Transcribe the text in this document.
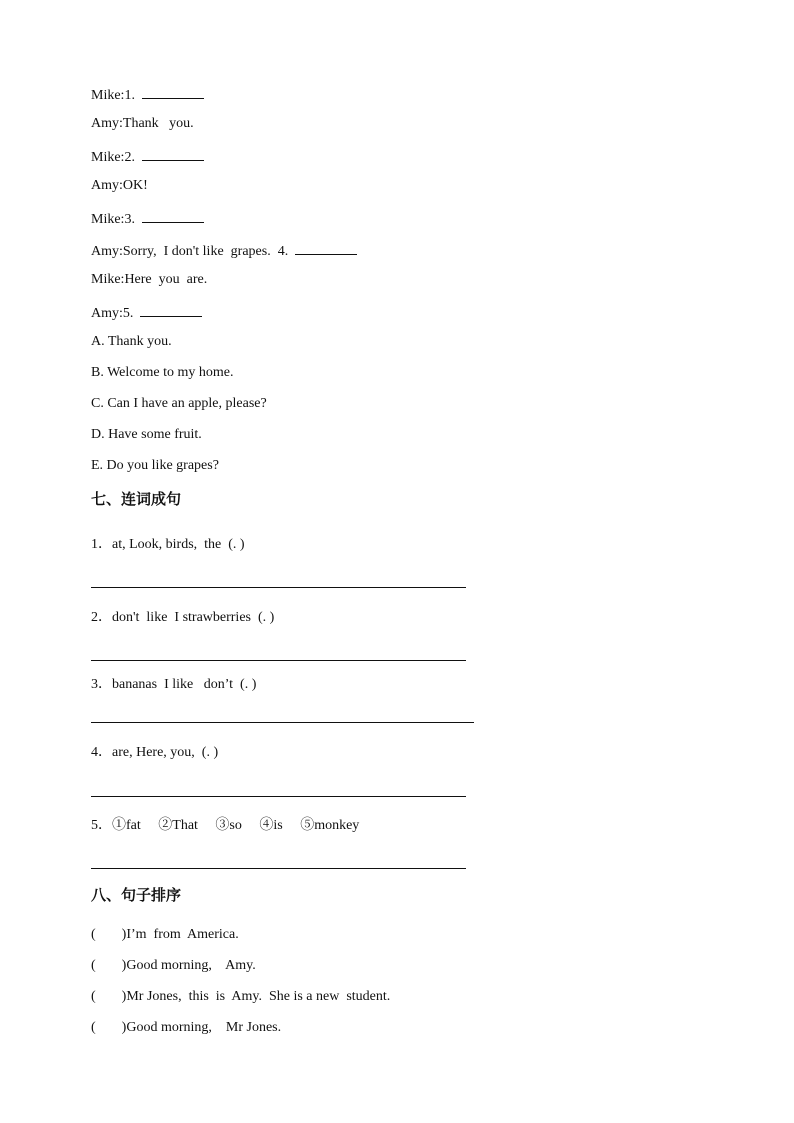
Mike:1.
Amy:Thank   you.
Mike:2.
Amy:OK!
Mike:3.
Amy:Sorry,  I don't like  grapes.  4.
Mike:Here  you  are.
Amy:5.
A. Thank you.
B. Welcome to my home.
C. Can I have an apple, please?
D. Have some fruit.
E. Do you like grapes?
七、连词成句
1．at, Look, birds,  the  (. )
2．don't  like  I strawberries  (. )
3．bananas  I like   don’t  (. )
4．are, Here, you,  (. )
5．①fat     ②That     ③so     ④is     ⑤monkey
八、句子排序
( )I’m  from  America.
( )Good morning,    Amy.
( )Mr Jones,  this  is  Amy.  She is a new  student.
( )Good morning,    Mr Jones.
